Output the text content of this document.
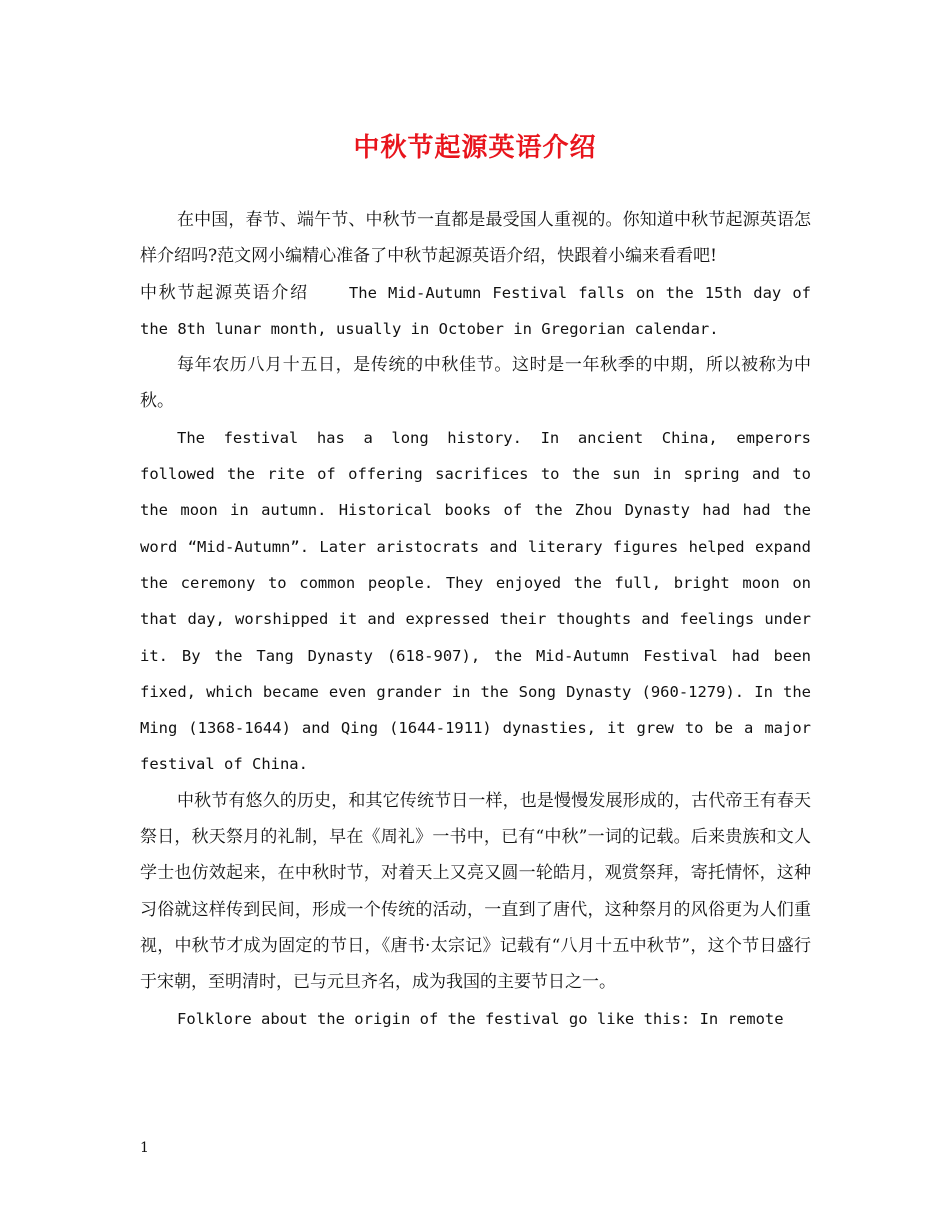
中秋节起源英语介绍

在中国，春节、端午节、中秋节一直都是最受国人重视的。你知道中秋节起源英语怎样介绍吗?范文网小编精心准备了中秋节起源英语介绍，快跟着小编来看看吧!

中秋节起源英语介绍	The Mid-Autumn Festival falls on the 15th day of the 8th lunar month, usually in October in Gregorian calendar.

每年农历八月十五日，是传统的中秋佳节。这时是一年秋季的中期，所以被称为中秋。

The festival has a long history. In ancient China, emperors followed the rite of offering sacrifices to the sun in spring and to the moon in autumn. Historical books of the Zhou Dynasty had had the word “Mid-Autumn”. Later aristocrats and literary figures helped expand the ceremony to common people. They enjoyed the full, bright moon on that day, worshipped it and expressed their thoughts and feelings under it. By the Tang Dynasty (618-907), the Mid-Autumn Festival had been fixed, which became even grander in the Song Dynasty (960-1279). In the Ming (1368-1644) and Qing (1644-1911) dynasties, it grew to be a major festival of China.

中秋节有悠久的历史，和其它传统节日一样，也是慢慢发展形成的，古代帝王有春天祭日，秋天祭月的礼制，早在《周礼》一书中，已有“中秋”一词的记载。后来贵族和文人学士也仿效起来，在中秋时节，对着天上又亮又圆一轮皓月，观赏祭拜，寄托情怀，这种习俗就这样传到民间，形成一个传统的活动，一直到了唐代，这种祭月的风俗更为人们重视，中秋节才成为固定的节日，《唐书·太宗记》记载有“八月十五中秋节”，这个节日盛行于宋朝，至明清时，已与元旦齐名，成为我国的主要节日之一。

Folklore about the origin of the festival go like this: In remote

1
